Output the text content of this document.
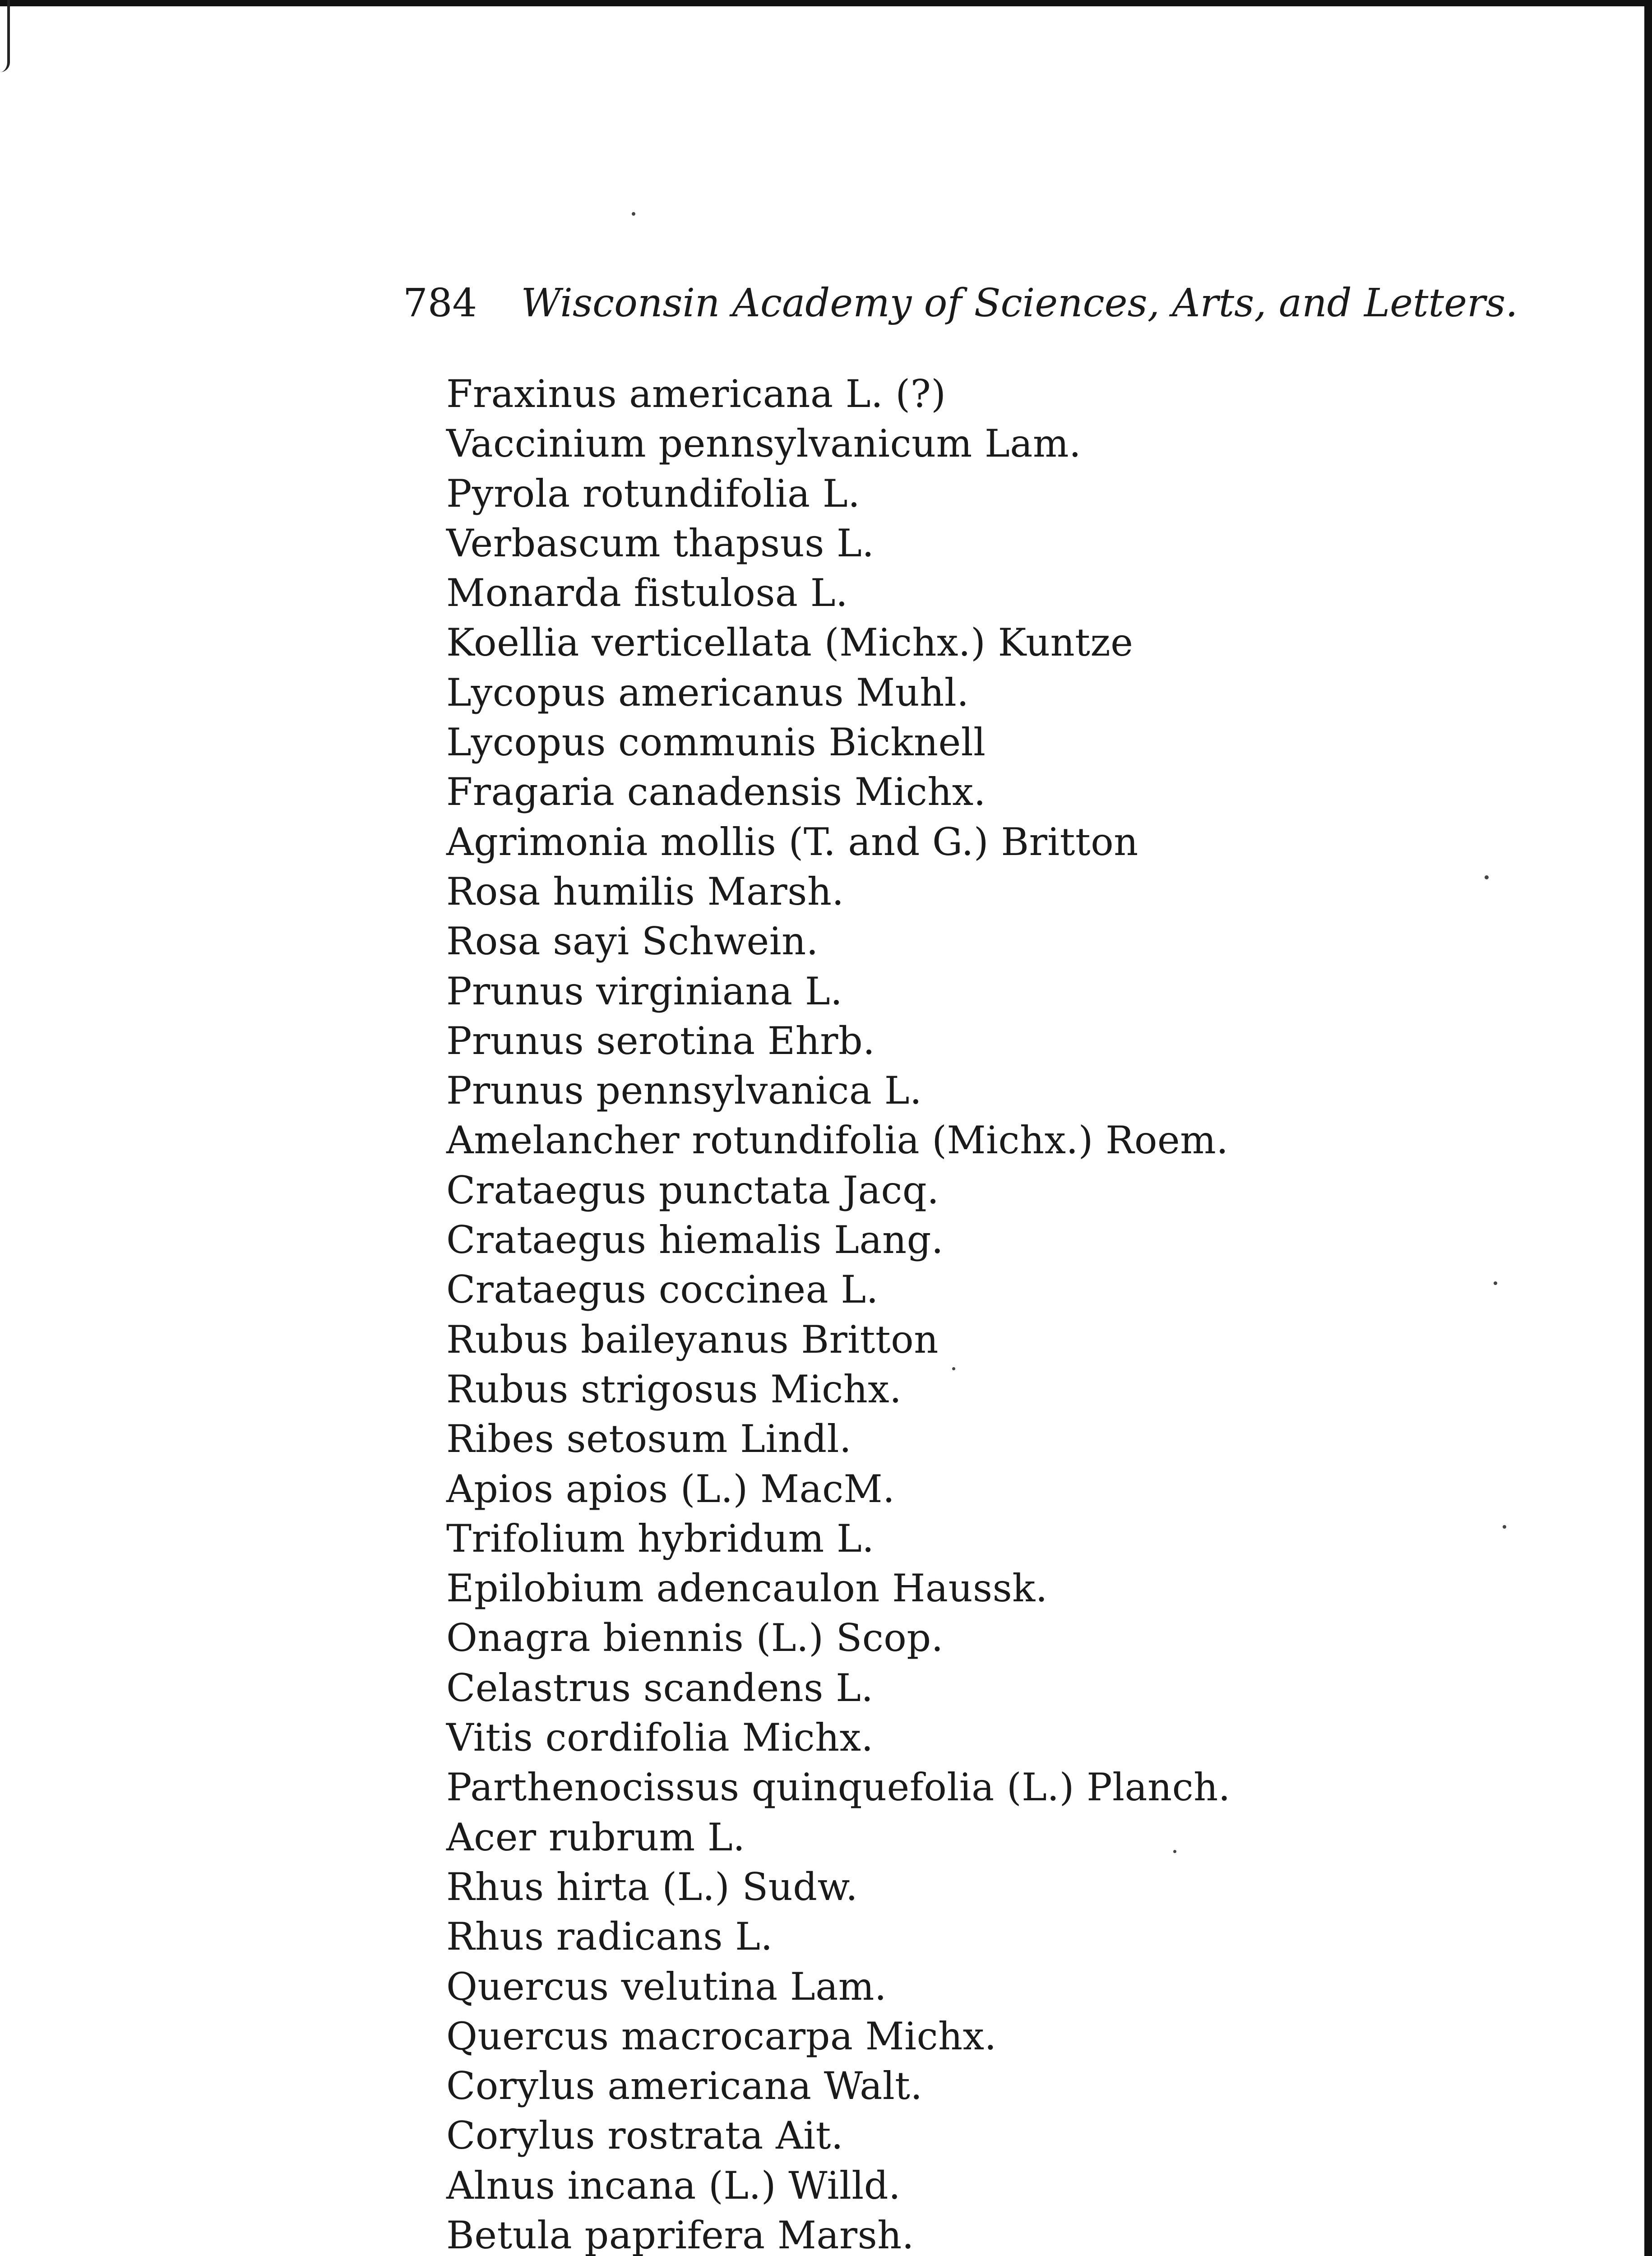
784 Wisconsin Academy of Sciences, Arts, and Letters.
Fraxinus americana L. (?)
Vaccinium pennsylvanicum Lam.
Pyrola rotundifolia L.
Verbascum thapsus L.
Monarda fistulosa L.
Koellia verticellata (Michx.) Kuntze
Lycopus americanus Muhl.
Lycopus communis Bicknell
Fragaria canadensis Michx.
Agrimonia mollis (T. and G.) Britton
Rosa humilis Marsh.
Rosa sayi Schwein.
Prunus virginiana L.
Prunus serotina Ehrb.
Prunus pennsylvanica L.
Amelancher rotundifolia (Michx.) Roem.
Crataegus punctata Jacq.
Crataegus hiemalis Lang.
Crataegus coccinea L.
Rubus baileyanus Britton
Rubus strigosus Michx.
Ribes setosum Lindl.
Apios apios (L.) MacM.
Trifolium hybridum L.
Epilobium adencaulon Haussk.
Onagra biennis (L.) Scop.
Celastrus scandens L.
Vitis cordifolia Michx.
Parthenocissus quinquefolia (L.) Planch.
Acer rubrum L.
Rhus hirta (L.) Sudw.
Rhus radicans L.
Quercus velutina Lam.
Quercus macrocarpa Michx.
Corylus americana Walt.
Corylus rostrata Ait.
Alnus incana (L.) Willd.
Betula paprifera Marsh.
